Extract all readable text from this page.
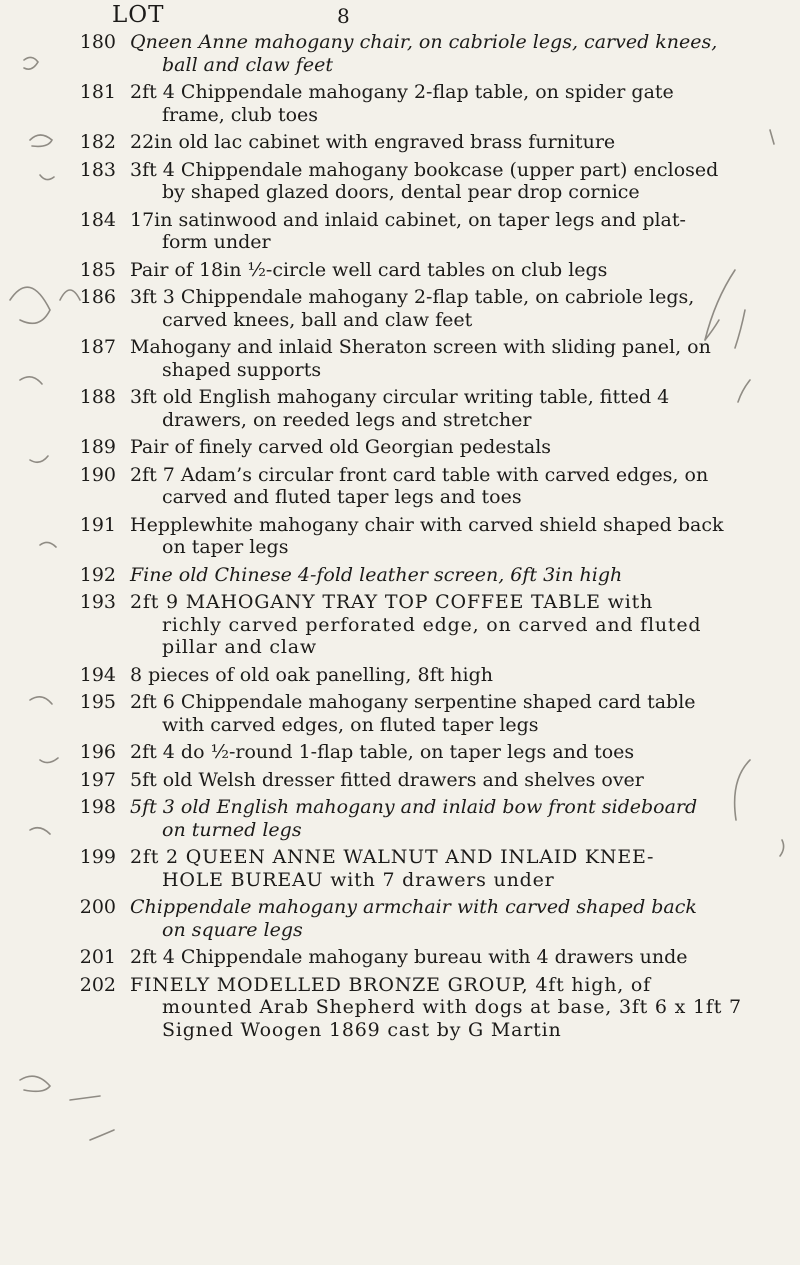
LOT	8
180 Qneen Anne mahogany chair, on cabriole legs, carved knees,
ball and claw feet
181 2ft 4 Chippendale mahogany 2-flap table, on spider gate
frame, club toes
182 22in old lac cabinet with engraved brass furniture
183 3ft 4 Chippendale mahogany bookcase (upper part) enclosed
by shaped glazed doors, dental pear drop cornice
184 17in satinwood and inlaid cabinet, on taper legs and plat-
form under
185 Pair of 18in ½-circle well card tables on club legs
186 3ft 3 Chippendale mahogany 2-flap table, on cabriole legs,
carved knees, ball and claw feet
187 Mahogany and inlaid Sheraton screen with sliding panel, on
shaped supports
188 3ft old English mahogany circular writing table, fitted 4
drawers, on reeded legs and stretcher
189 Pair of finely carved old Georgian pedestals
190 2ft 7 Adam’s circular front card table with carved edges, on
carved and fluted taper legs and toes
191 Hepplewhite mahogany chair with carved shield shaped back
on taper legs
192 Fine old Chinese 4-fold leather screen, 6ft 3in high
193 2ft 9 MAHOGANY TRAY TOP COFFEE TABLE with
richly carved perforated edge, on carved and fluted
pillar and claw
194 8 pieces of old oak panelling, 8ft high
195 2ft 6 Chippendale mahogany serpentine shaped card table
with carved edges, on fluted taper legs
196 2ft 4 do ½-round 1-flap table, on taper legs and toes
197 5ft old Welsh dresser fitted drawers and shelves over
198 5ft 3 old English mahogany and inlaid bow front sideboard
on turned legs
199 2ft 2 QUEEN ANNE WALNUT AND INLAID KNEE-
HOLE BUREAU with 7 drawers under
200 Chippendale mahogany armchair with carved shaped back
on square legs
201 2ft 4 Chippendale mahogany bureau with 4 drawers unde
202 FINELY MODELLED BRONZE GROUP, 4ft high, of
mounted Arab Shepherd with dogs at base, 3ft 6 x 1ft 7
Signed Woogen 1869 cast by G Martin
